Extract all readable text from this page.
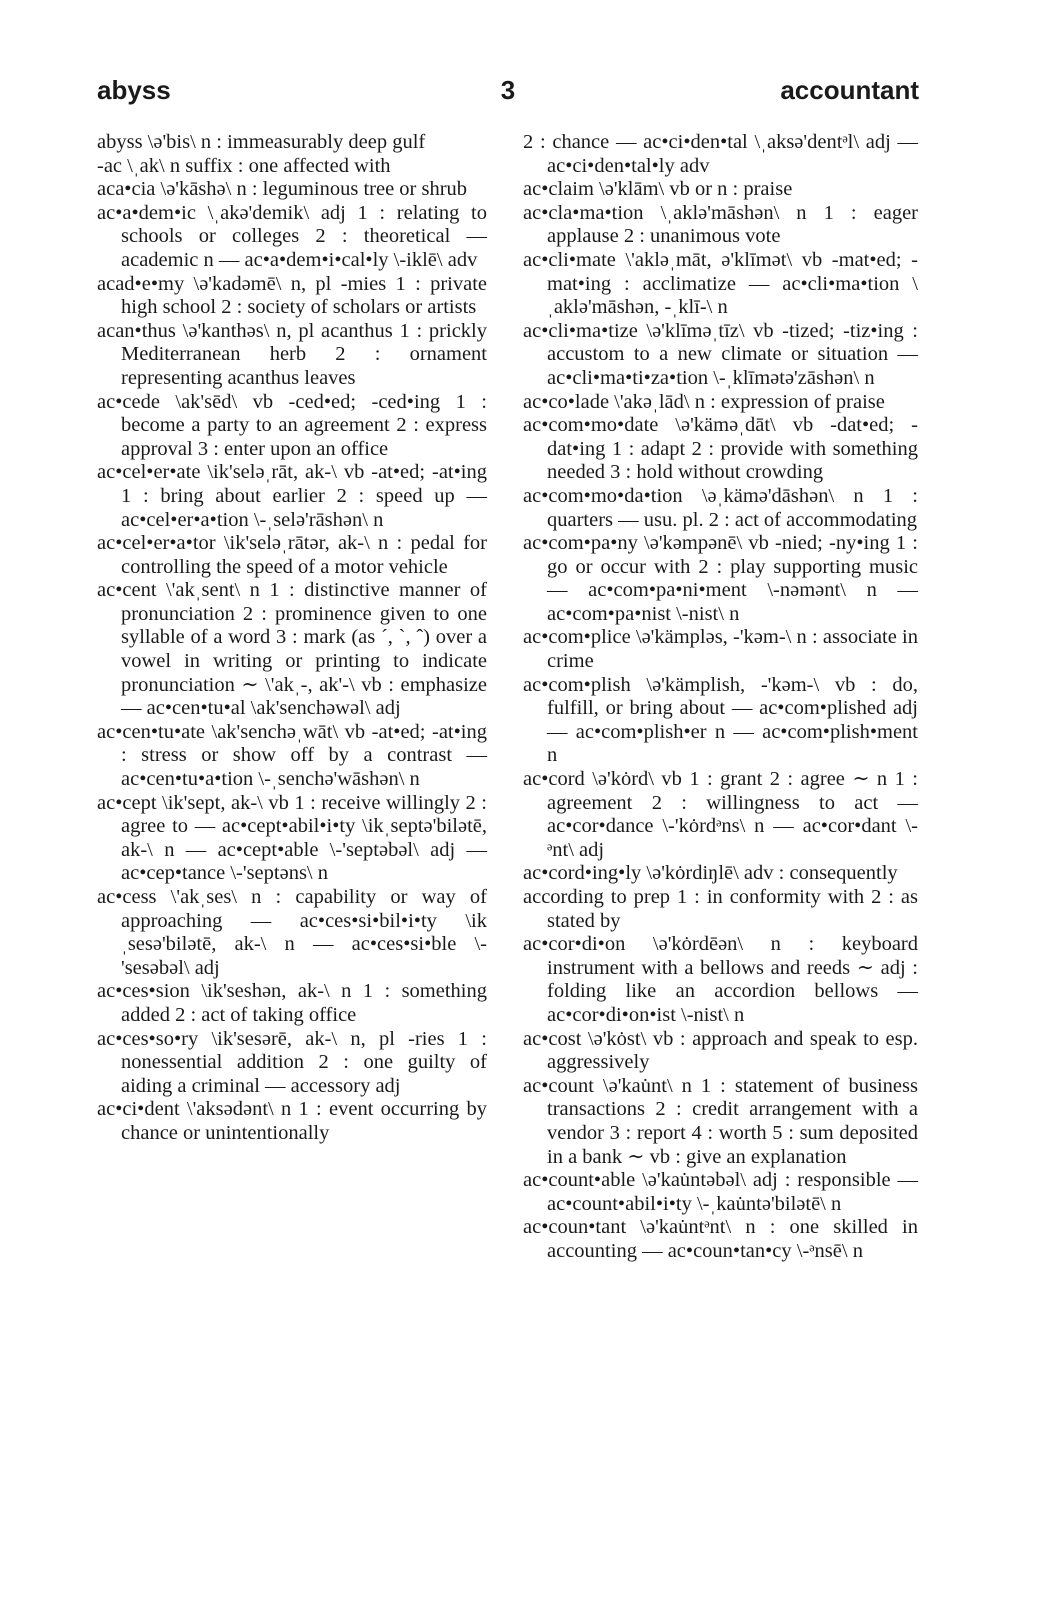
abyss	3	accountant

abyss \ə'bis\ n : immeasurably deep gulf

-ac \ˌak\ n suffix : one affected with

aca•cia \ə'kāshə\ n : leguminous tree or shrub

ac•a•dem•ic \ˌakə'demik\ adj 1 : relating to schools or colleges 2 : theoretical — academic n — ac•a•dem•i•cal•ly \-iklē\ adv

acad•e•my \ə'kadəmē\ n, pl -mies 1 : private high school 2 : society of scholars or artists

acan•thus \ə'kanthəs\ n, pl acanthus 1 : prickly Mediterranean herb 2 : ornament representing acanthus leaves

ac•cede \ak'sēd\ vb -ced•ed; -ced•ing 1 : become a party to an agreement 2 : express approval 3 : enter upon an office

ac•cel•er•ate \ik'seləˌrāt, ak-\ vb -at•ed; -at•ing 1 : bring about earlier 2 : speed up — ac•cel•er•a•tion \-ˌselə'rāshən\ n

ac•cel•er•a•tor \ik'seləˌrātər, ak-\ n : pedal for controlling the speed of a motor vehicle

ac•cent \'akˌsent\ n 1 : distinctive manner of pronunciation 2 : prominence given to one syllable of a word 3 : mark (as ´, `, ˆ) over a vowel in writing or printing to indicate pronunciation ∼ \'akˌ-, ak'-\ vb : emphasize — ac•cen•tu•al \ak'senchəwəl\ adj

ac•cen•tu•ate \ak'senchəˌwāt\ vb -at•ed; -at•ing : stress or show off by a contrast — ac•cen•tu•a•tion \-ˌsenchə'wāshən\ n

ac•cept \ik'sept, ak-\ vb 1 : receive willingly 2 : agree to — ac•cept•abil•i•ty \ikˌseptə'bilətē, ak-\ n — ac•cept•able \-'septəbəl\ adj — ac•cep•tance \-'septəns\ n

ac•cess \'akˌses\ n : capability or way of approaching — ac•ces•si•bil•i•ty \ikˌsesə'bilətē, ak-\ n — ac•ces•si•ble \-'sesəbəl\ adj

ac•ces•sion \ik'seshən, ak-\ n 1 : something added 2 : act of taking office

ac•ces•so•ry \ik'sesərē, ak-\ n, pl -ries 1 : nonessential addition 2 : one guilty of aiding a criminal — accessory adj

ac•ci•dent \'aksədənt\ n 1 : event occurring by chance or unintentionally

2 : chance — ac•ci•den•tal \ˌaksə'dentᵊl\ adj — ac•ci•den•tal•ly adv

ac•claim \ə'klām\ vb or n : praise

ac•cla•ma•tion \ˌaklə'māshən\ n 1 : eager applause 2 : unanimous vote

ac•cli•mate \'akləˌmāt, ə'klīmət\ vb -mat•ed; -mat•ing : acclimatize — ac•cli•ma•tion \ˌaklə'māshən, -ˌklī-\ n

ac•cli•ma•tize \ə'klīməˌtīz\ vb -tized; -tiz•ing : accustom to a new climate or situation — ac•cli•ma•ti•za•tion \-ˌklīmətə'zāshən\ n

ac•co•lade \'akəˌlād\ n : expression of praise

ac•com•mo•date \ə'käməˌdāt\ vb -dat•ed; -dat•ing 1 : adapt 2 : provide with something needed 3 : hold without crowding

ac•com•mo•da•tion \əˌkämə'dāshən\ n 1 : quarters — usu. pl. 2 : act of accommodating

ac•com•pa•ny \ə'kəmpənē\ vb -nied; -ny•ing 1 : go or occur with 2 : play supporting music — ac•com•pa•ni•ment \-nəmənt\ n — ac•com•pa•nist \-nist\ n

ac•com•plice \ə'kämpləs, -'kəm-\ n : associate in crime

ac•com•plish \ə'kämplish, -'kəm-\ vb : do, fulfill, or bring about — ac•com•plished adj — ac•com•plish•er n — ac•com•plish•ment n

ac•cord \ə'kȯrd\ vb 1 : grant 2 : agree ∼ n 1 : agreement 2 : willingness to act — ac•cor•dance \-'kȯrdᵊns\ n — ac•cor•dant \-ᵊnt\ adj

ac•cord•ing•ly \ə'kȯrdiŋlē\ adv : consequently

according to prep 1 : in conformity with 2 : as stated by

ac•cor•di•on \ə'kȯrdēən\ n : keyboard instrument with a bellows and reeds ∼ adj : folding like an accordion bellows — ac•cor•di•on•ist \-nist\ n

ac•cost \ə'kȯst\ vb : approach and speak to esp. aggressively

ac•count \ə'kau̇nt\ n 1 : statement of business transactions 2 : credit arrangement with a vendor 3 : report 4 : worth 5 : sum deposited in a bank ∼ vb : give an explanation

ac•count•able \ə'kau̇ntəbəl\ adj : responsible — ac•count•abil•i•ty \-ˌkau̇ntə'bilətē\ n

ac•coun•tant \ə'kau̇ntᵊnt\ n : one skilled in accounting — ac•coun•tan•cy \-ᵊnsē\ n
